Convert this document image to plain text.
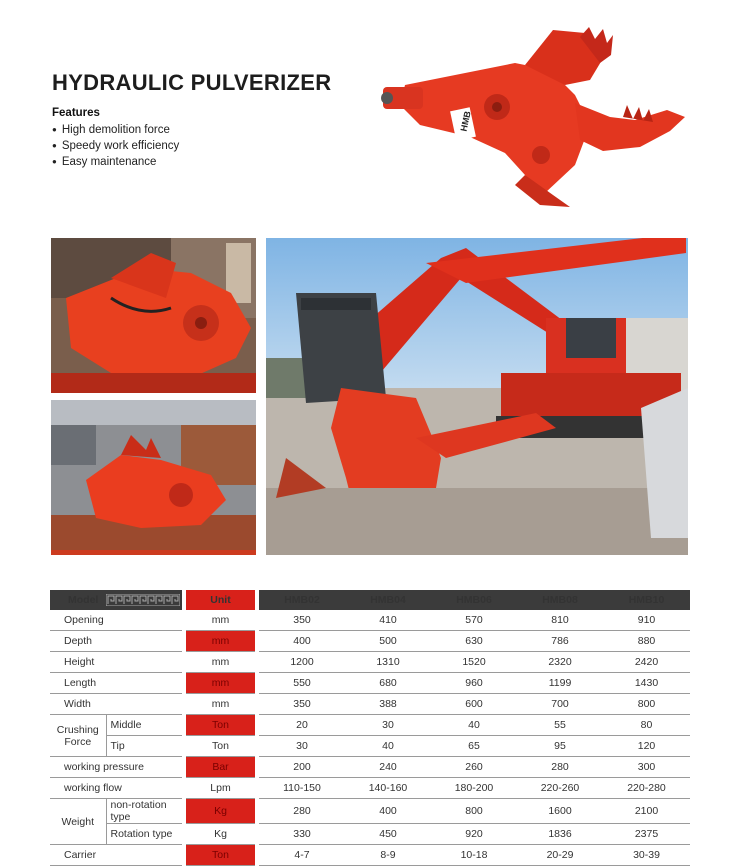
HYDRAULIC PULVERIZER
Features
● High demolition force
● Speedy work efficiency
● Easy maintenance
HMB
Model			Unit		HMB02	HMB04	HMB06	HMB08	HMB10
Opening			mm		350	410	570	810	910
Depth			mm		400	500	630	786	880
Height			mm		1200	1310	1520	2320	2420
Length			mm		550	680	960	1199	1430
Width			mm		350	388	600	700	800
Crushing Force	Middle		Ton		20	30	40	55	80
	Tip		Ton		30	40	65	95	120
working pressure			Bar		200	240	260	280	300
working flow			Lpm		110-150	140-160	180-200	220-260	220-280
Weight	non-rotation type		Kg		280	400	800	1600	2100
	Rotation type		Kg		330	450	920	1836	2375
Carrier			Ton		4-7	8-9	10-18	20-29	30-39
